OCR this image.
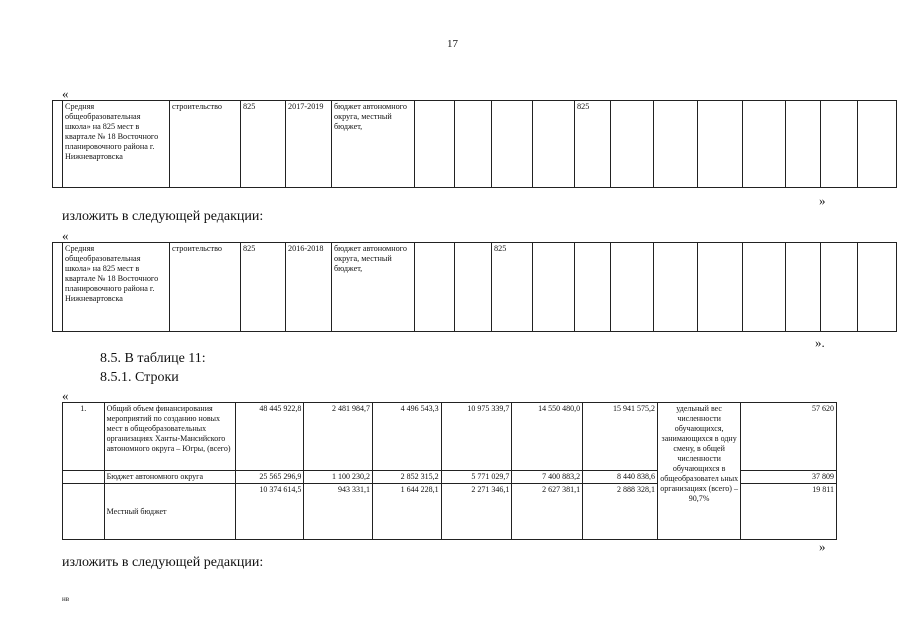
17
«
	Средняя общеобразовательная школа» на 825 мест в квартале № 18 Восточного планировочного района г. Нижневартовска	строительство	825	2017-2019	бюджет автономного округа, местный бюджет,					825							
»
изложить в следующей редакции:
«
	Средняя общеобразовательная школа» на 825 мест в квартале № 18 Восточного планировочного района г. Нижневартовска	строительство	825	2016-2018	бюджет автономного округа, местный бюджет,			825									
».
8.5. В таблице 11:
8.5.1. Строки
«
1.	Общий объем финансирования мероприятий по созданию новых мест в общеобразовательных организациях Ханты-Мансийского автономного округа – Югры, (всего)	48 445 922,8	2 481 984,7	4 496 543,3	10 975 339,7	14 550 480,0	15 941 575,2	удельный вес численности обучающихся, занимающихся в одну смену, в общей численности обучающихся в общеобразовател ьных организациях (всего) – 90,7%	57 620
	Бюджет автономного округа	25 565 296,9	1 100 230,2	2 852 315,2	5 771 029,7	7 400 883,2	8 440 838,6		37 809
	Местный бюджет	10 374 614,5	943 331,1	1 644 228,1	2 271 346,1	2 627 381,1	2 888 328,1		19 811
»
изложить в следующей редакции:
нв
